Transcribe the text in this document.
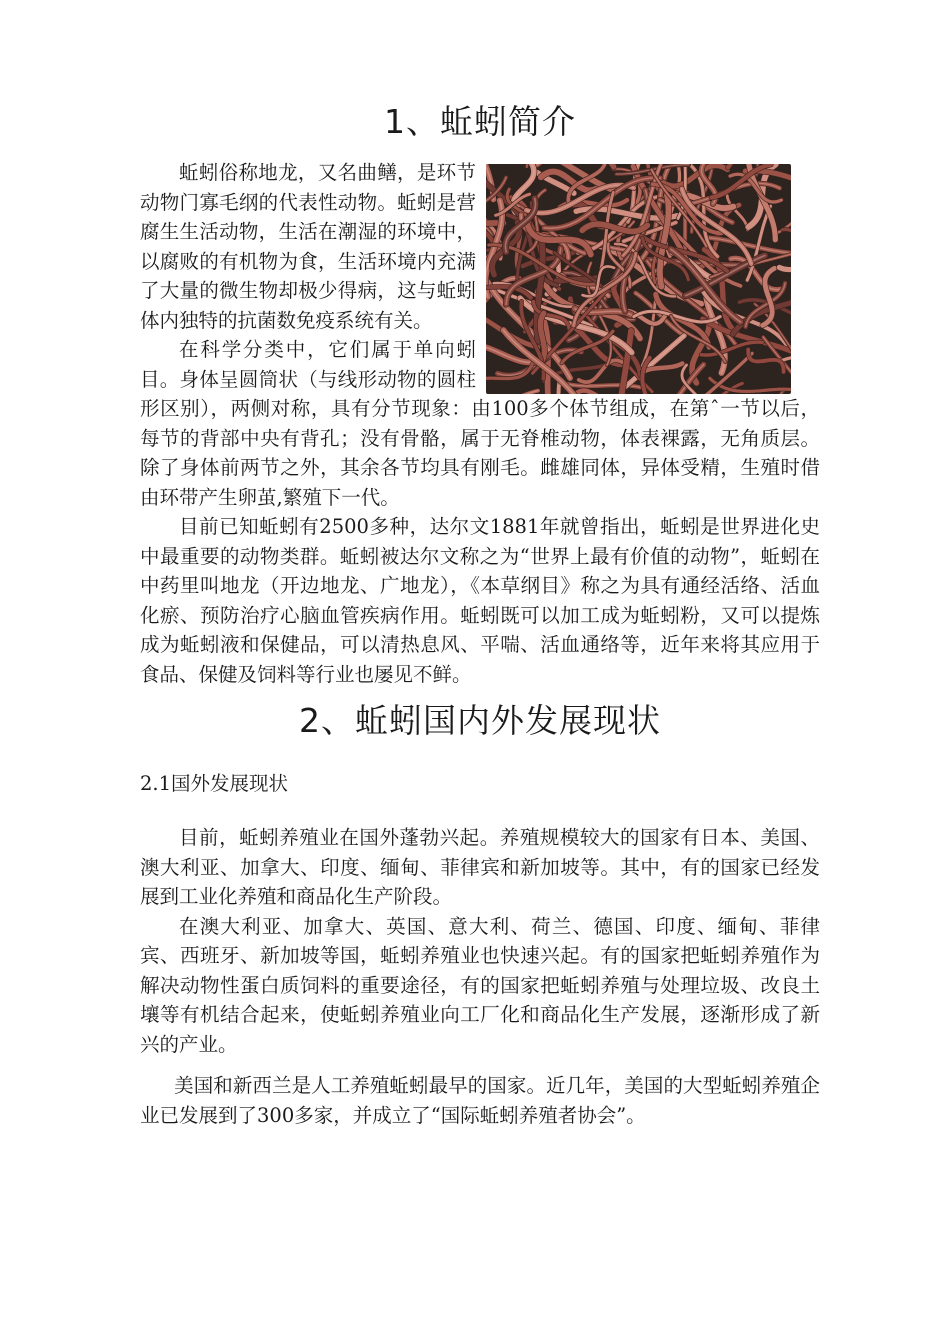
1、蚯蚓简介

蚯蚓俗称地龙，又名曲鳝，是环节动物门寡毛纲的代表性动物。蚯蚓是营腐生生活动物，生活在潮湿的环境中，以腐败的有机物为食，生活环境内充满了大量的微生物却极少得病，这与蚯蚓体内独特的抗菌数免疫系统有关。

在科学分类中，它们属于单向蚓目。身体呈圆筒状（与线形动物的圆柱形区别），两侧对称，具有分节现象：由100多个体节组成，在第ˆ一节以后，每节的背部中央有背孔；没有骨骼，属于无脊椎动物，体表裸露，无角质层。除了身体前两节之外，其余各节均具有刚毛。雌雄同体，异体受精，生殖时借由环带产生卵茧,繁殖下一代。

目前已知蚯蚓有2500多种，达尔文1881年就曾指出，蚯蚓是世界进化史中最重要的动物类群。蚯蚓被达尔文称之为“世界上最有价值的动物”，蚯蚓在中药里叫地龙（开边地龙、广地龙），《本草纲目》称之为具有通经活络、活血化瘀、预防治疗心脑血管疾病作用。蚯蚓既可以加工成为蚯蚓粉，又可以提炼成为蚯蚓液和保健品，可以清热息风、平喘、活血通络等，近年来将其应用于食品、保健及饲料等行业也屡见不鲜。

2、蚯蚓国内外发展现状

2.1国外发展现状

目前，蚯蚓养殖业在国外蓬勃兴起。养殖规模较大的国家有日本、美国、澳大利亚、加拿大、印度、缅甸、菲律宾和新加坡等。其中，有的国家已经发展到工业化养殖和商品化生产阶段。

在澳大利亚、加拿大、英国、意大利、荷兰、德国、印度、缅甸、菲律宾、西班牙、新加坡等国，蚯蚓养殖业也快速兴起。有的国家把蚯蚓养殖作为解决动物性蛋白质饲料的重要途径，有的国家把蚯蚓养殖与处理垃圾、改良土壤等有机结合起来，使蚯蚓养殖业向工厂化和商品化生产发展，逐渐形成了新兴的产业。

美国和新西兰是人工养殖蚯蚓最早的国家。近几年，美国的大型蚯蚓养殖企业已发展到了300多家，并成立了“国际蚯蚓养殖者协会”。
